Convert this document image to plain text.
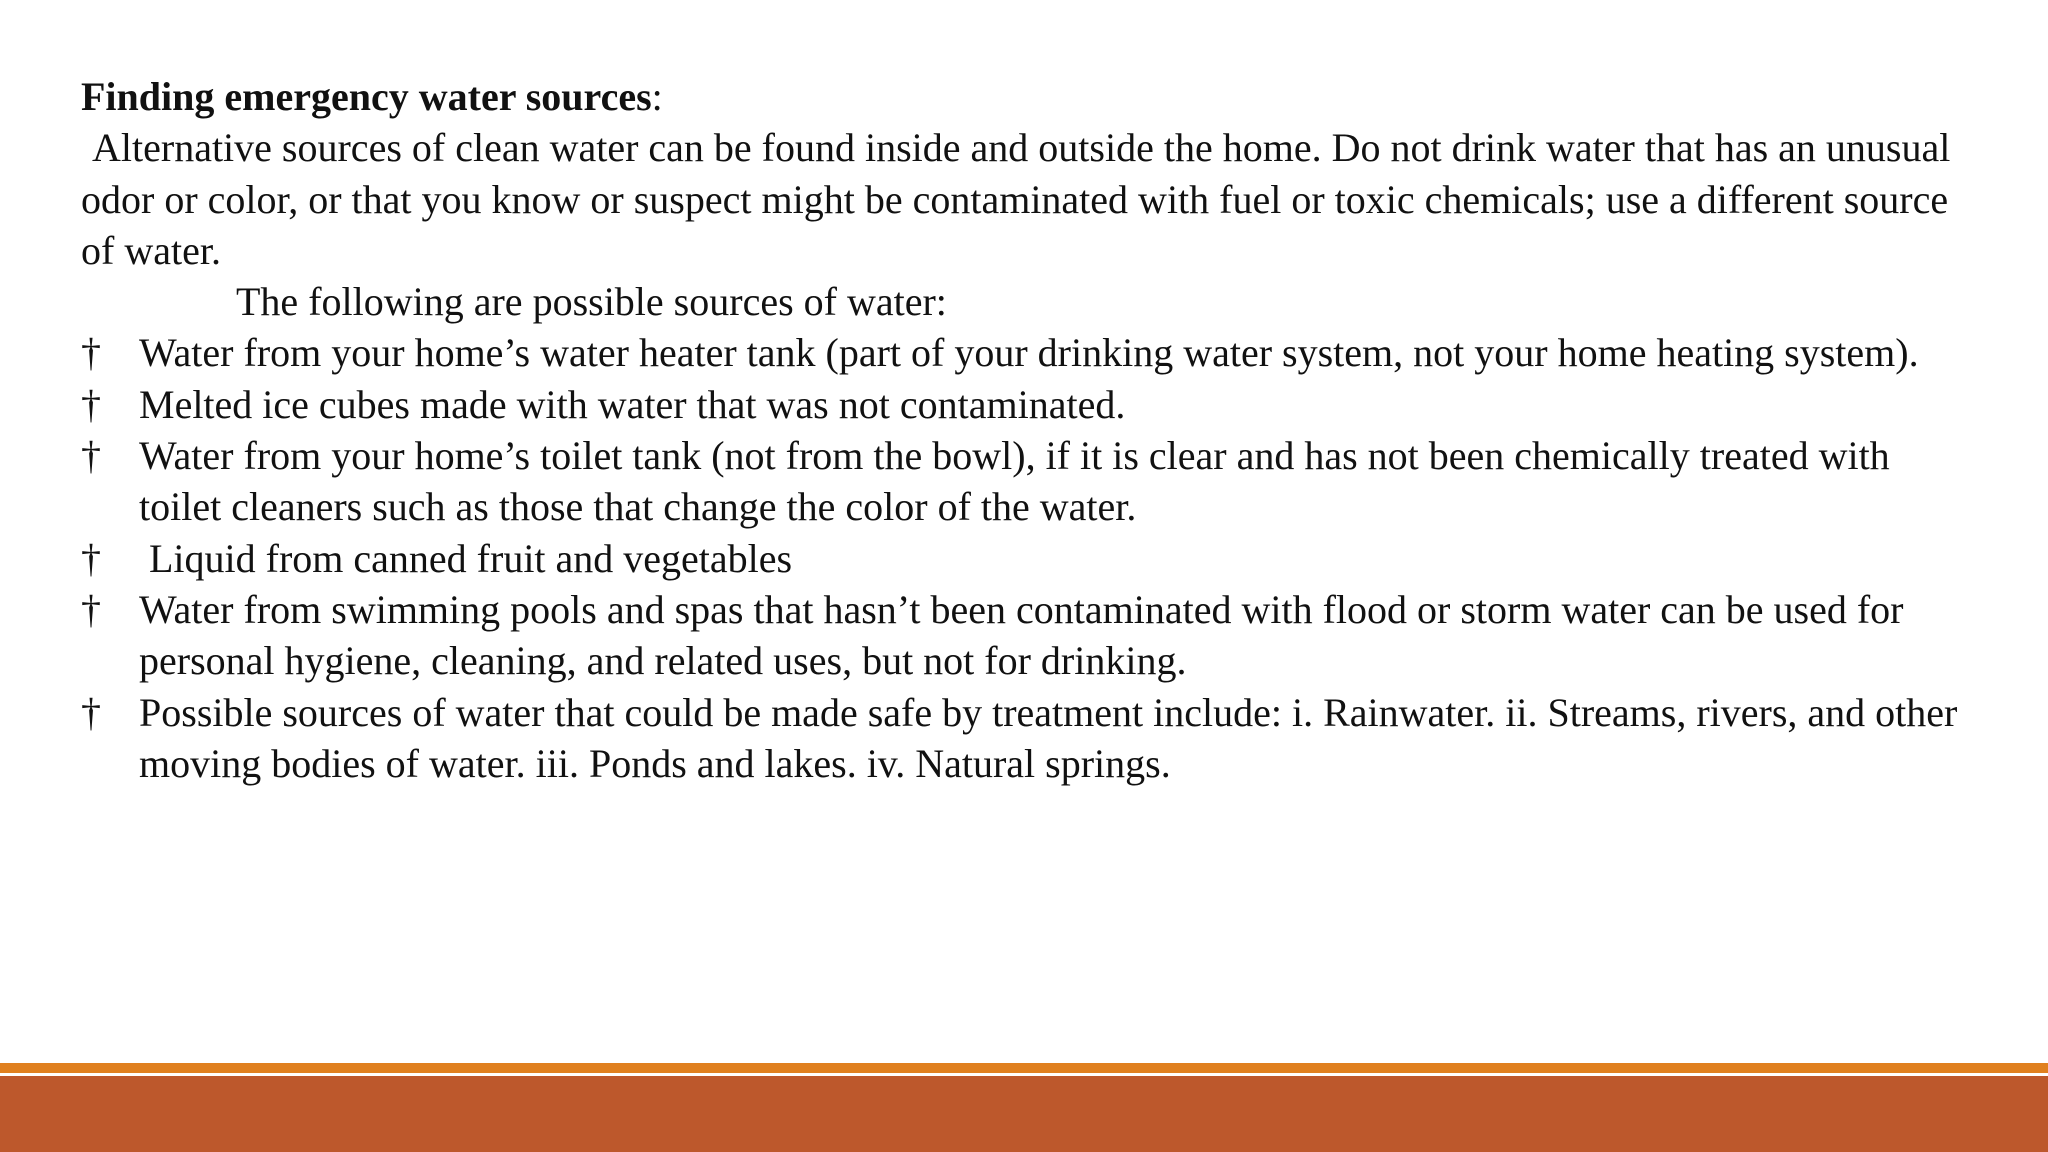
Finding emergency water sources:

Alternative sources of clean water can be found inside and outside the home. Do not drink water that has an unusual odor or color, or that you know or suspect might be contaminated with fuel or toxic chemicals; use a different source of water.

The following are possible sources of water:

† Water from your home’s water heater tank (part of your drinking water system, not your home heating system).
† Melted ice cubes made with water that was not contaminated.
† Water from your home’s toilet tank (not from the bowl), if it is clear and has not been chemically treated with toilet cleaners such as those that change the color of the water.
† Liquid from canned fruit and vegetables
† Water from swimming pools and spas that hasn’t been contaminated with flood or storm water can be used for personal hygiene, cleaning, and related uses, but not for drinking.
† Possible sources of water that could be made safe by treatment include: i. Rainwater. ii. Streams, rivers, and other moving bodies of water. iii. Ponds and lakes. iv. Natural springs.
